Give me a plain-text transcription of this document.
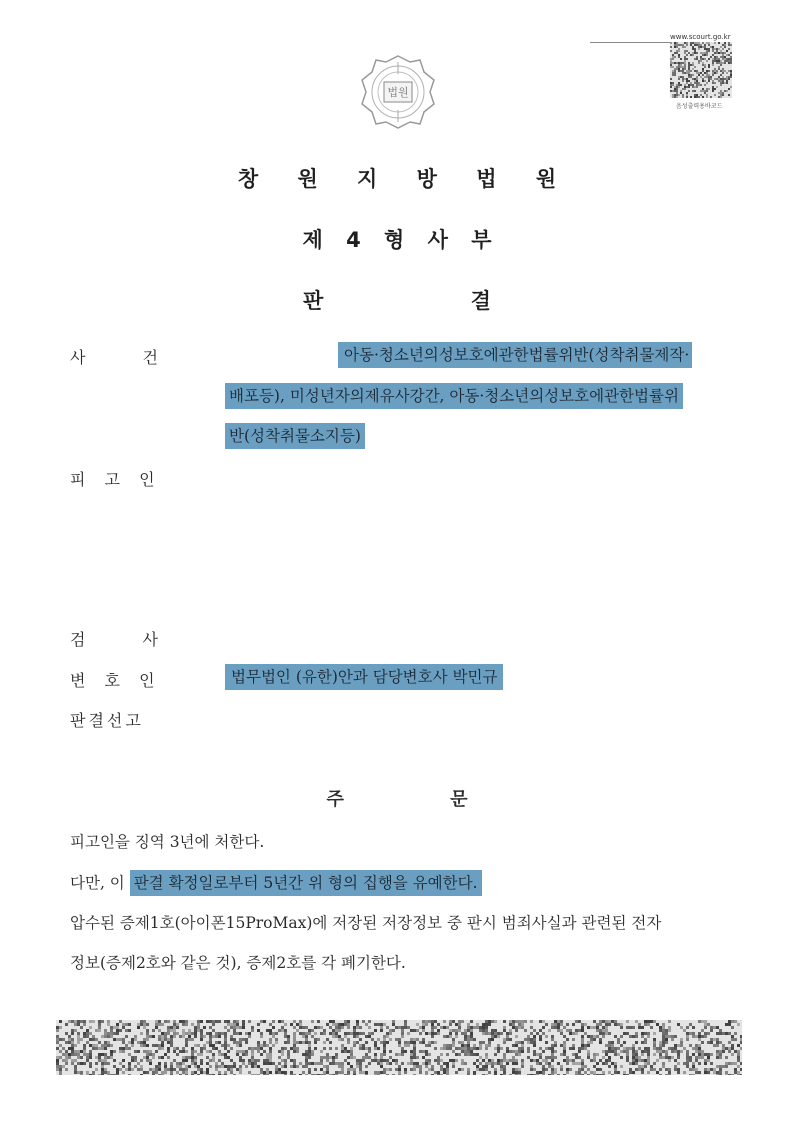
법원
www.scourt.go.kr
음성출력용바코드
창 원 지 방 법 원
제 4 형 사 부
판 결
사 건	아동·청소년의성보호에관한법률위반(성착취물제작·
배포등), 미성년자의제유사강간, 아동·청소년의성보호에관한법률위
반(성착취물소지등)
피 고 인
검 사
변 호 인	법무법인 (유한)안과 담당변호사 박민규
판결선고
주 문
피고인을 징역 3년에 처한다.
다만, 이 판결 확정일로부터 5년간 위 형의 집행을 유예한다.
압수된 증제1호(아이폰15ProMax)에 저장된 저장정보 중 판시 범죄사실과 관련된 전자
정보(증제2호와 같은 것), 증제2호를 각 폐기한다.
